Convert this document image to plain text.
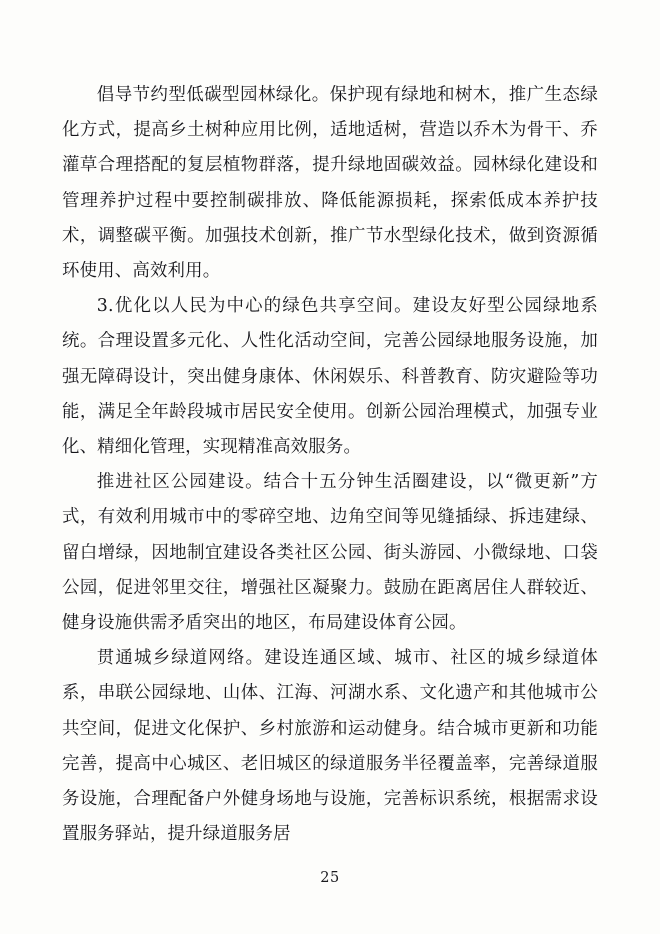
倡导节约型低碳型园林绿化。保护现有绿地和树木，推广生态绿化方式，提高乡土树种应用比例，适地适树，营造以乔木为骨干、乔灌草合理搭配的复层植物群落，提升绿地固碳效益。园林绿化建设和管理养护过程中要控制碳排放、降低能源损耗，探索低成本养护技术，调整碳平衡。加强技术创新，推广节水型绿化技术，做到资源循环使用、高效利用。

3.优化以人民为中心的绿色共享空间。建设友好型公园绿地系统。合理设置多元化、人性化活动空间，完善公园绿地服务设施，加强无障碍设计，突出健身康体、休闲娱乐、科普教育、防灾避险等功能，满足全年龄段城市居民安全使用。创新公园治理模式，加强专业化、精细化管理，实现精准高效服务。

推进社区公园建设。结合十五分钟生活圈建设，以“微更新”方式，有效利用城市中的零碎空地、边角空间等见缝插绿、拆违建绿、留白增绿，因地制宜建设各类社区公园、街头游园、小微绿地、口袋公园，促进邻里交往，增强社区凝聚力。鼓励在距离居住人群较近、健身设施供需矛盾突出的地区，布局建设体育公园。

贯通城乡绿道网络。建设连通区域、城市、社区的城乡绿道体系，串联公园绿地、山体、江海、河湖水系、文化遗产和其他城市公共空间，促进文化保护、乡村旅游和运动健身。结合城市更新和功能完善，提高中心城区、老旧城区的绿道服务半径覆盖率，完善绿道服务设施，合理配备户外健身场地与设施，完善标识系统，根据需求设置服务驿站，提升绿道服务居

25
